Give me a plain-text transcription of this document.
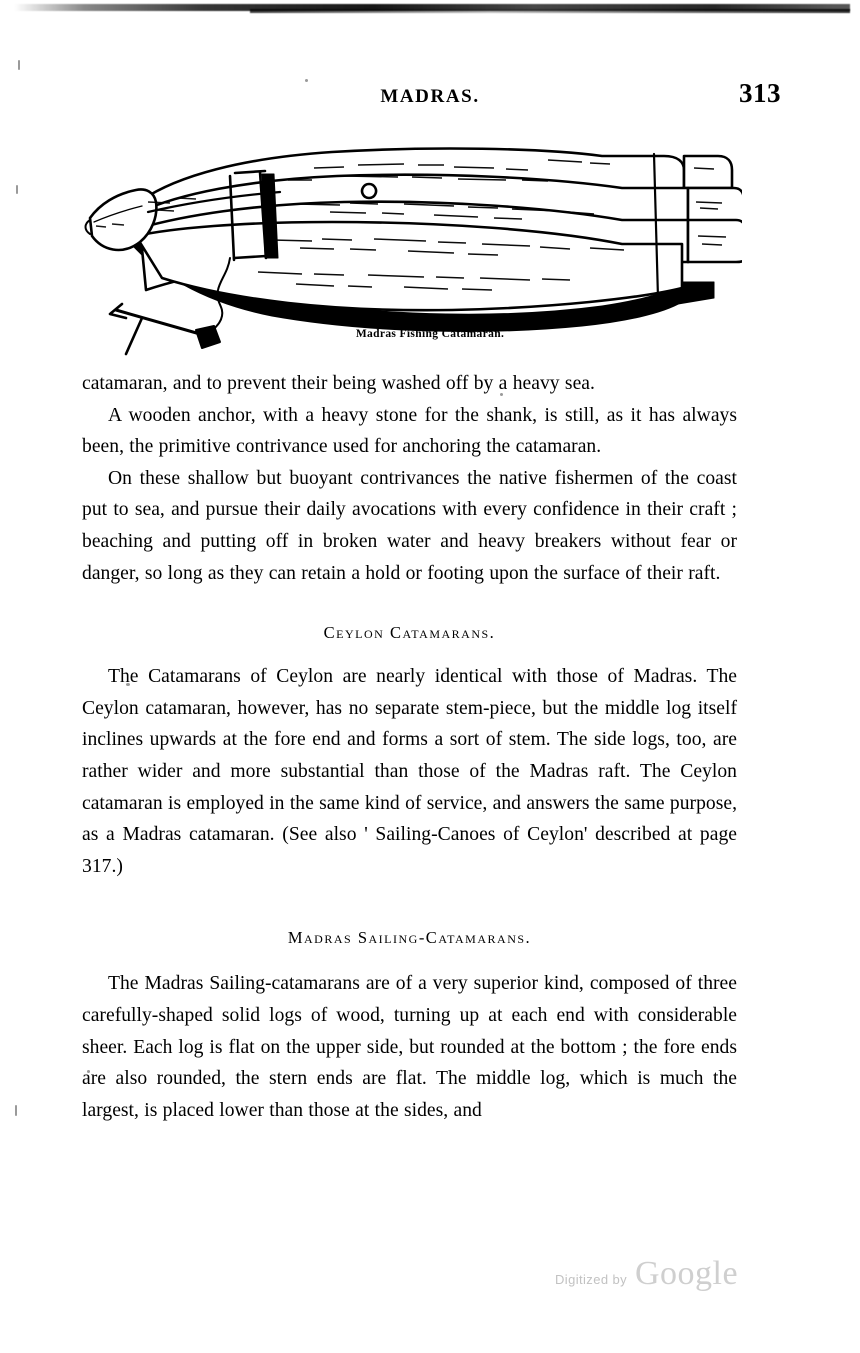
MADRAS.	313
Madras Fishing Catamaran.

catamaran, and to prevent their being washed off by a heavy sea.

A wooden anchor, with a heavy stone for the shank, is still, as it has always been, the primitive contrivance used for anchoring the catamaran.

On these shallow but buoyant contrivances the native fishermen of the coast put to sea, and pursue their daily avocations with every confidence in their craft ; beaching and putting off in broken water and heavy breakers without fear or danger, so long as they can retain a hold or footing upon the surface of their raft.

Ceylon Catamarans.

The Catamarans of Ceylon are nearly identical with those of Madras. The Ceylon catamaran, however, has no separate stem-piece, but the middle log itself inclines upwards at the fore end and forms a sort of stem. The side logs, too, are rather wider and more substantial than those of the Madras raft. The Ceylon catamaran is employed in the same kind of service, and answers the same purpose, as a Madras catamaran. (See also ' Sailing-Canoes of Ceylon' described at page 317.)

Madras Sailing-Catamarans.

The Madras Sailing-catamarans are of a very superior kind, composed of three carefully-shaped solid logs of wood, turning up at each end with considerable sheer. Each log is flat on the upper side, but rounded at the bottom ; the fore ends are also rounded, the stern ends are flat. The middle log, which is much the largest, is placed lower than those at the sides, and

Digitized by Google
